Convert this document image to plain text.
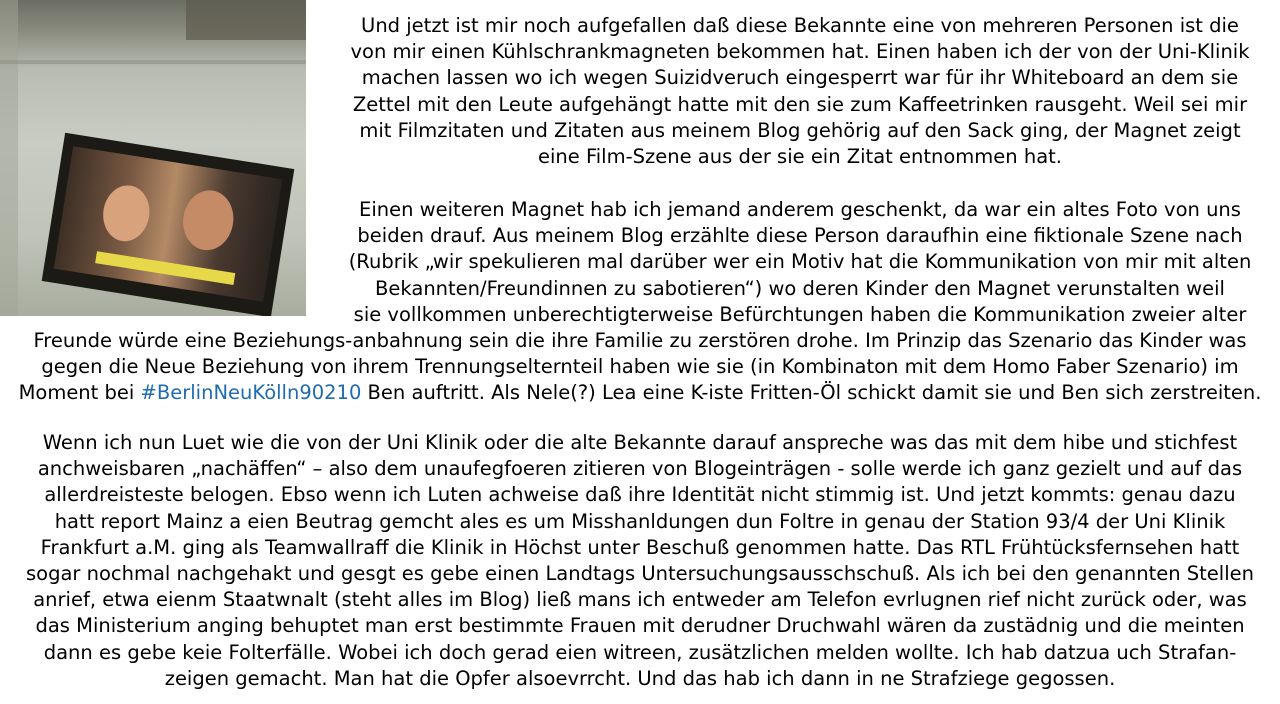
Und jetzt ist mir noch aufgefallen daß diese Bekannte eine von mehreren Personen ist die
von mir einen Kühlschrankmagneten bekommen hat. Einen haben ich der von der Uni-Klinik
machen lassen wo ich wegen Suizidveruch eingesperrt war für ihr Whiteboard an dem sie
Zettel mit den Leute aufgehängt hatte mit den sie zum Kaffeetrinken rausgeht. Weil sei mir
mit Filmzitaten und Zitaten aus meinem Blog gehörig auf den Sack ging, der Magnet zeigt
eine Film-Szene aus der sie ein Zitat entnommen hat.

Einen weiteren Magnet hab ich jemand anderem geschenkt, da war ein altes Foto von uns
beiden drauf. Aus meinem Blog erzählte diese Person daraufhin eine fiktionale Szene nach
(Rubrik „wir spekulieren mal darüber wer ein Motiv hat die Kommunikation von mir mit alten
Bekannten/Freundinnen zu sabotieren“) wo deren Kinder den Magnet verunstalten weil
sie vollkommen unberechtigterweise Befürchtungen haben die Kommunikation zweier alter

Freunde würde eine Beziehungs-anbahnung sein die ihre Familie zu zerstören drohe. Im Prinzip das Szenario das Kinder was
gegen die Neue Beziehung von ihrem Trennungselternteil haben wie sie (in Kombinaton mit dem Homo Faber Szenario) im
Moment bei #BerlinNeuKölln90210 Ben auftritt. Als Nele(?) Lea eine K-iste Fritten-Öl schickt damit sie und Ben sich zerstreiten.

Wenn ich nun Luet wie die von der Uni Klinik oder die alte Bekannte darauf anspreche was das mit dem hibe und stichfest
anchweisbaren „nachäffen“ – also dem unaufegfoeren zitieren von Blogeinträgen - solle werde ich ganz gezielt und auf das
allerdreisteste belogen. Ebso wenn ich Luten achweise daß ihre Identität nicht stimmig ist. Und jetzt kommts: genau dazu
hatt report Mainz a eien Beutrag gemcht ales es um Misshanldungen dun Foltre in genau der Station 93/4 der Uni Klinik
Frankfurt a.M. ging als Teamwallraff die Klinik in Höchst unter Beschuß genommen hatte. Das RTL Frühtücksfernsehen hatt
sogar nochmal nachgehakt und gesgt es gebe einen Landtags Untersuchungsausschschuß. Als ich bei den genannten Stellen
anrief, etwa eienm Staatwnalt (steht alles im Blog) ließ mans ich entweder am Telefon evrlugnen rief nicht zurück oder, was
das Ministerium anging behuptet man erst bestimmte Frauen mit derudner Druchwahl wären da zustädnig und die meinten
dann es gebe keie Folterfälle. Wobei ich doch gerad eien witreen, zusätzlichen melden wollte. Ich hab datzua uch Strafan-
zeigen gemacht. Man hat die Opfer alsoevrrcht. Und das hab ich dann in ne Strafziege gegossen.
